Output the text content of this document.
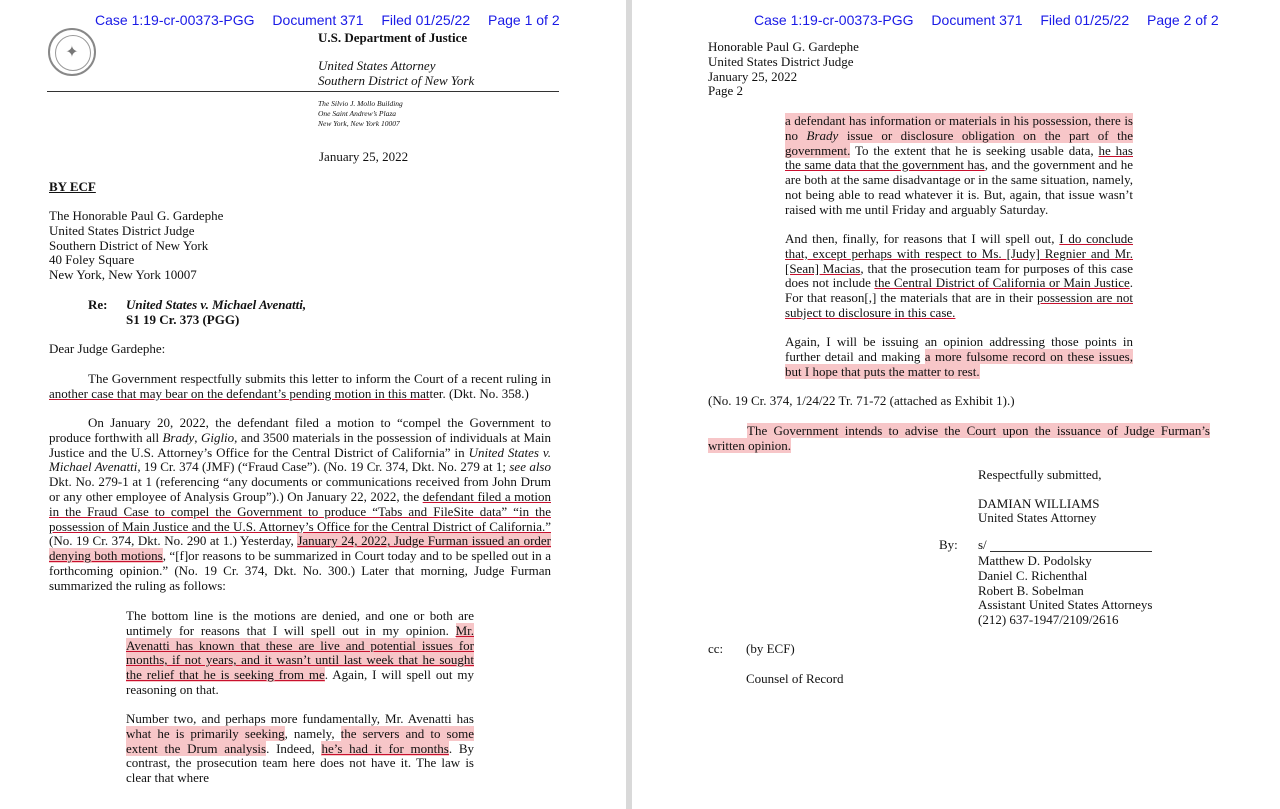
Case 1:19-cr-00373-PGG Document 371 Filed 01/25/22 Page 1 of 2
✦
U.S. Department of Justice
United States Attorney
Southern District of New York
The Silvio J. Mollo Building
One Saint Andrew’s Plaza
New York, New York 10007
January 25, 2022
BY ECF
The Honorable Paul G. Gardephe
United States District Judge
Southern District of New York
40 Foley Square
New York, New York 10007
Re: United States v. Michael Avenatti,
S1 19 Cr. 373 (PGG)
Dear Judge Gardephe:
The Government respectfully submits this letter to inform the Court of a recent ruling in another case that may bear on the defendant’s pending motion in this matter. (Dkt. No. 358.)
On January 20, 2022, the defendant filed a motion to “compel the Government to produce forthwith all Brady, Giglio, and 3500 materials in the possession of individuals at Main Justice and the U.S. Attorney’s Office for the Central District of California” in United States v. Michael Avenatti, 19 Cr. 374 (JMF) (“Fraud Case”). (No. 19 Cr. 374, Dkt. No. 279 at 1; see also Dkt. No. 279-1 at 1 (referencing “any documents or communications received from John Drum or any other employee of Analysis Group”).) On January 22, 2022, the defendant filed a motion in the Fraud Case to compel the Government to produce “Tabs and FileSite data” “in the possession of Main Justice and the U.S. Attorney’s Office for the Central District of California.” (No. 19 Cr. 374, Dkt. No. 290 at 1.) Yesterday, January 24, 2022, Judge Furman issued an order denying both motions, “[f]or reasons to be summarized in Court today and to be spelled out in a forthcoming opinion.” (No. 19 Cr. 374, Dkt. No. 300.) Later that morning, Judge Furman summarized the ruling as follows:
The bottom line is the motions are denied, and one or both are untimely for reasons that I will spell out in my opinion. Mr. Avenatti has known that these are live and potential issues for months, if not years, and it wasn’t until last week that he sought the relief that he is seeking from me. Again, I will spell out my reasoning on that.
Number two, and perhaps more fundamentally, Mr. Avenatti has what he is primarily seeking, namely, the servers and to some extent the Drum analysis. Indeed, he’s had it for months. By contrast, the prosecution team here does not have it. The law is clear that where
Case 1:19-cr-00373-PGG Document 371 Filed 01/25/22 Page 2 of 2
Honorable Paul G. Gardephe
United States District Judge
January 25, 2022
Page 2
a defendant has information or materials in his possession, there is no Brady issue or disclosure obligation on the part of the government. To the extent that he is seeking usable data, he has the same data that the government has, and the government and he are both at the same disadvantage or in the same situation, namely, not being able to read whatever it is. But, again, that issue wasn’t raised with me until Friday and arguably Saturday.
And then, finally, for reasons that I will spell out, I do conclude that, except perhaps with respect to Ms. [Judy] Regnier and Mr. [Sean] Macias, that the prosecution team for purposes of this case does not include the Central District of California or Main Justice. For that reason[,] the materials that are in their possession are not subject to disclosure in this case.
Again, I will be issuing an opinion addressing those points in further detail and making a more fulsome record on these issues, but I hope that puts the matter to rest.
(No. 19 Cr. 374, 1/24/22 Tr. 71-72 (attached as Exhibit 1).)
The Government intends to advise the Court upon the issuance of Judge Furman’s written opinion.
Respectfully submitted,
DAMIAN WILLIAMS
United States Attorney
By: s/
Matthew D. Podolsky
Daniel C. Richenthal
Robert B. Sobelman
Assistant United States Attorneys
(212) 637-1947/2109/2616
cc: (by ECF)
Counsel of Record
